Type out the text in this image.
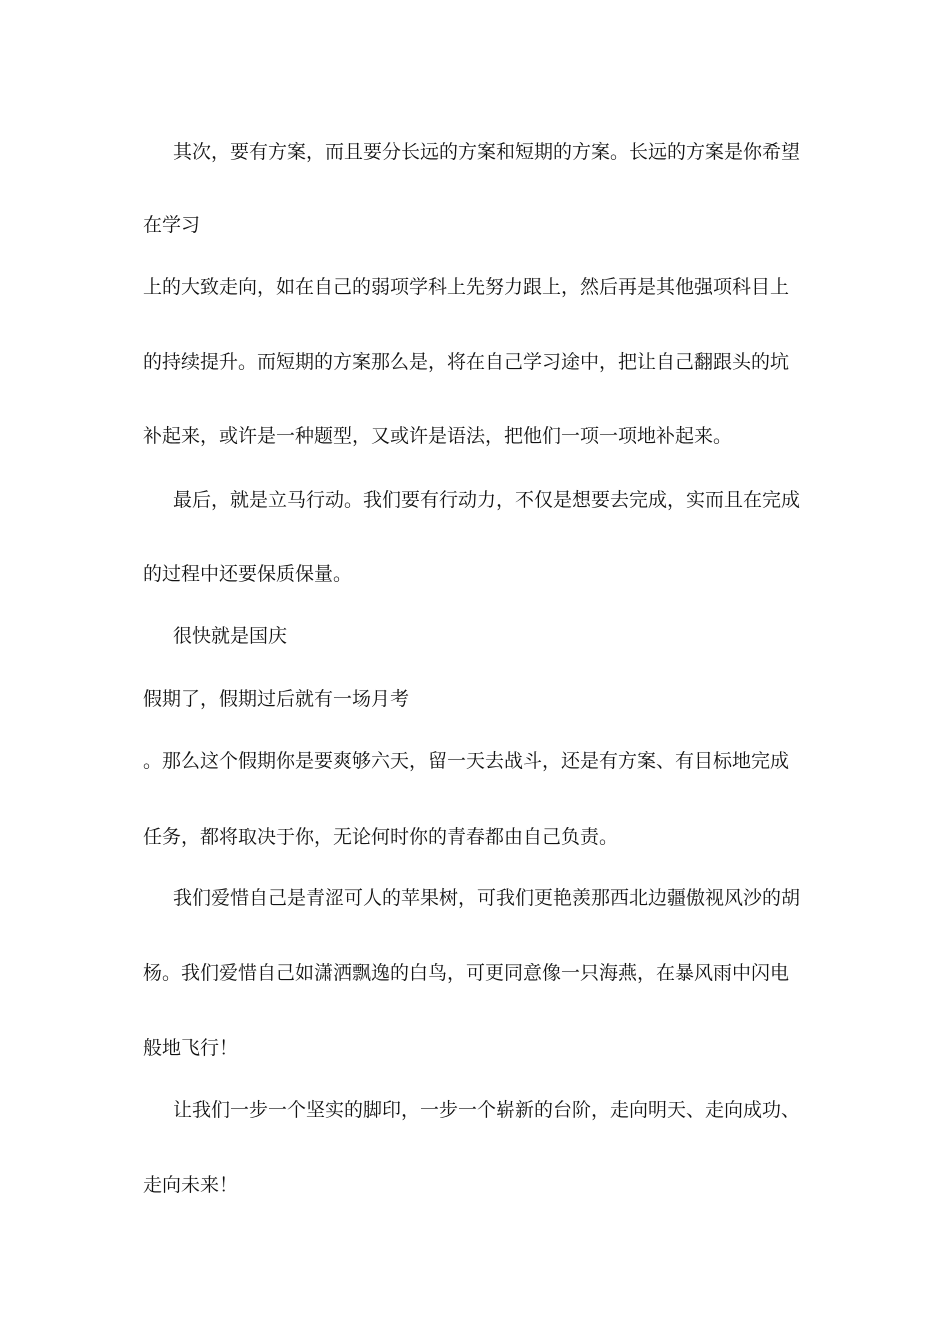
其次，要有方案，而且要分长远的方案和短期的方案。长远的方案是你希望
在学习
上的大致走向，如在自己的弱项学科上先努力跟上，然后再是其他强项科目上
的持续提升。而短期的方案那么是，将在自己学习途中，把让自己翻跟头的坑
补起来，或许是一种题型，又或许是语法，把他们一项一项地补起来。
最后，就是立马行动。我们要有行动力，不仅是想要去完成，实而且在完成
的过程中还要保质保量。
很快就是国庆
假期了，假期过后就有一场月考
。那么这个假期你是要爽够六天，留一天去战斗，还是有方案、有目标地完成
任务，都将取决于你，无论何时你的青春都由自己负责。
我们爱惜自己是青涩可人的苹果树，可我们更艳羡那西北边疆傲视风沙的胡
杨。我们爱惜自己如潇洒飘逸的白鸟，可更同意像一只海燕，在暴风雨中闪电
般地飞行！
让我们一步一个坚实的脚印，一步一个崭新的台阶，走向明天、走向成功、
走向未来！
